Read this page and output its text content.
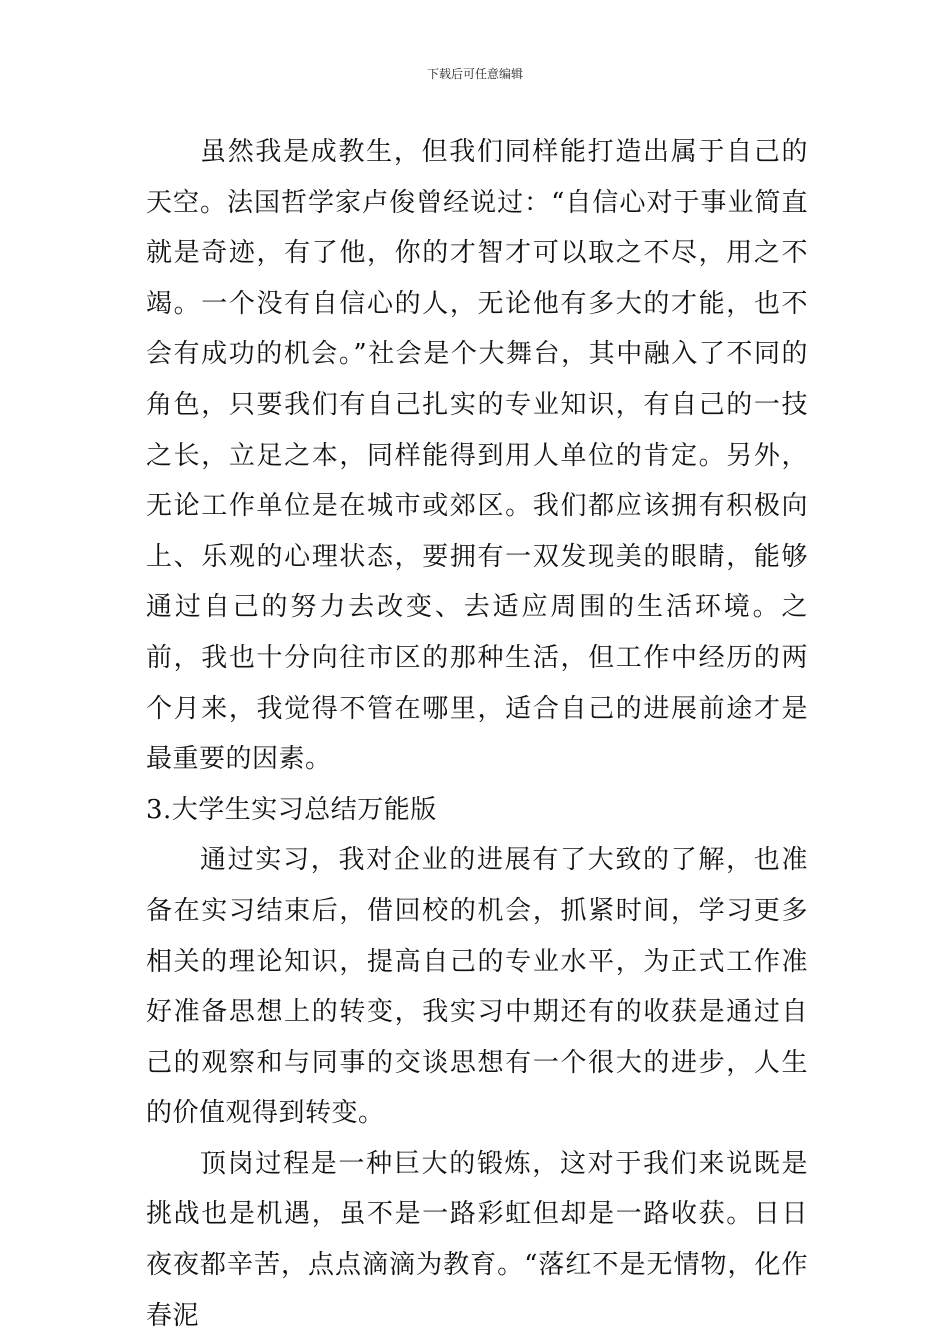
下载后可任意编辑

虽然我是成教生，但我们同样能打造出属于自己的天空。法国哲学家卢俊曾经说过：“自信心对于事业简直就是奇迹，有了他，你的才智才可以取之不尽，用之不竭。一个没有自信心的人，无论他有多大的才能，也不会有成功的机会。”社会是个大舞台，其中融入了不同的角色，只要我们有自己扎实的专业知识，有自己的一技之长，立足之本，同样能得到用人单位的肯定。另外，无论工作单位是在城市或郊区。我们都应该拥有积极向上、乐观的心理状态，要拥有一双发现美的眼睛，能够通过自己的努力去改变、去适应周围的生活环境。之前，我也十分向往市区的那种生活，但工作中经历的两个月来，我觉得不管在哪里，适合自己的进展前途才是最重要的因素。

3.大学生实习总结万能版

通过实习，我对企业的进展有了大致的了解，也准备在实习结束后，借回校的机会，抓紧时间，学习更多相关的理论知识，提高自己的专业水平，为正式工作准好准备思想上的转变，我实习中期还有的收获是通过自己的观察和与同事的交谈思想有一个很大的进步，人生的价值观得到转变。

顶岗过程是一种巨大的锻炼，这对于我们来说既是挑战也是机遇，虽不是一路彩虹但却是一路收获。日日夜夜都辛苦，点点滴滴为教育。“落红不是无情物，化作春泥
